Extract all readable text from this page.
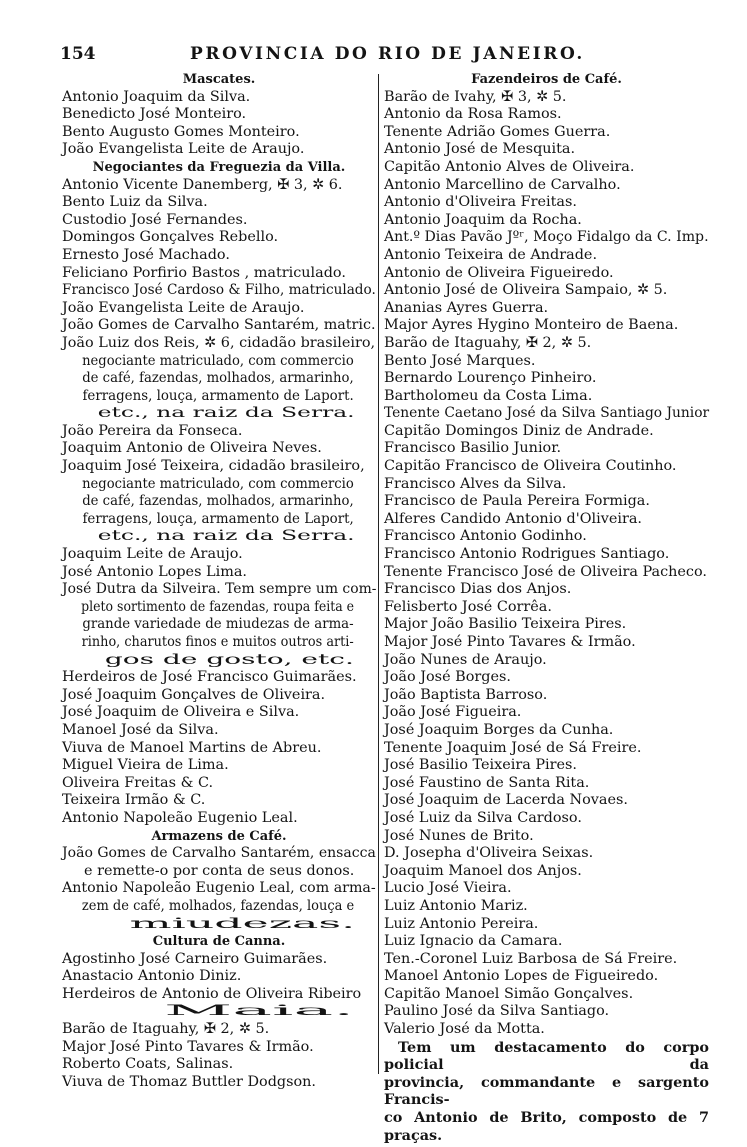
154	PROVINCIA DO RIO DE JANEIRO.
Mascates.
Antonio Joaquim da Silva.
Benedicto José Monteiro.
Bento Augusto Gomes Monteiro.
João Evangelista Leite de Araujo.
Negociantes da Freguezia da Villa.
Antonio Vicente Danemberg, ✠ 3, ✲ 6.
Bento Luiz da Silva.
Custodio José Fernandes.
Domingos Gonçalves Rebello.
Ernesto José Machado.
Feliciano Porfirio Bastos , matriculado.
Francisco José Cardoso & Filho, matriculado.
João Evangelista Leite de Araujo.
João Gomes de Carvalho Santarém, matric.
João Luiz dos Reis, ✲ 6, cidadão brasileiro,
negociante matriculado, com commercio de café, fazendas, molhados, armarinho, ferragens, louça, armamento de Laport. etc., na raiz da Serra.
João Pereira da Fonseca.
Joaquim Antonio de Oliveira Neves.
Joaquim José Teixeira, cidadão brasileiro,
negociante matriculado, com commercio de café, fazendas, molhados, armarinho, ferragens, louça, armamento de Laport, etc., na raiz da Serra.
Joaquim Leite de Araujo.
José Antonio Lopes Lima.
José Dutra da Silveira. Tem sempre um com- pleto sortimento de fazendas, roupa feita e grande variedade de miudezas de arma- rinho, charutos finos e muitos outros arti- gos de gosto, etc.
Herdeiros de José Francisco Guimarães.
José Joaquim Gonçalves de Oliveira.
José Joaquim de Oliveira e Silva.
Manoel José da Silva.
Viuva de Manoel Martins de Abreu.
Miguel Vieira de Lima.
Oliveira Freitas & C.
Teixeira Irmão & C.
Antonio Napoleão Eugenio Leal.
Armazens de Café.
João Gomes de Carvalho Santarém, ensacca e remette-o por conta de seus donos. Antonio Napoleão Eugenio Leal, com arma- zem de café, molhados, fazendas, louça e miudezas.
Cultura de Canna.
Agostinho José Carneiro Guimarães.
Anastacio Antonio Diniz.
Herdeiros de Antonio de Oliveira Ribeiro
Maia.
Barão de Itaguahy, ✠ 2, ✲ 5.
Major José Pinto Tavares & Irmão.
Roberto Coats, Salinas.
Viuva de Thomaz Buttler Dodgson.
Fazendeiros de Café.
Barão de Ivahy, ✠ 3, ✲ 5.
Antonio da Rosa Ramos.
Tenente Adrião Gomes Guerra.
Antonio José de Mesquita.
Capitão Antonio Alves de Oliveira.
Antonio Marcellino de Carvalho.
Antonio d'Oliveira Freitas.
Antonio Joaquim da Rocha.
Ant.º Dias Pavão Jºʳ, Moço Fidalgo da C. Imp.
Antonio Teixeira de Andrade.
Antonio de Oliveira Figueiredo.
Antonio José de Oliveira Sampaio, ✲ 5.
Ananias Ayres Guerra.
Major Ayres Hygino Monteiro de Baena.
Barão de Itaguahy, ✠ 2, ✲ 5.
Bento José Marques.
Bernardo Lourenço Pinheiro.
Bartholomeu da Costa Lima.
Tenente Caetano José da Silva Santiago Junior
Capitão Domingos Diniz de Andrade.
Francisco Basilio Junior.
Capitão Francisco de Oliveira Coutinho.
Francisco Alves da Silva.
Francisco de Paula Pereira Formiga.
Alferes Candido Antonio d'Oliveira.
Francisco Antonio Godinho.
Francisco Antonio Rodrigues Santiago.
Tenente Francisco José de Oliveira Pacheco.
Francisco Dias dos Anjos.
Felisberto José Corrêa.
Major João Basilio Teixeira Pires.
Major José Pinto Tavares & Irmão.
João Nunes de Araujo.
João José Borges.
João Baptista Barroso.
João José Figueira.
José Joaquim Borges da Cunha.
Tenente Joaquim José de Sá Freire.
José Basilio Teixeira Pires.
José Faustino de Santa Rita.
José Joaquim de Lacerda Novaes.
José Luiz da Silva Cardoso.
José Nunes de Brito.
D. Josepha d'Oliveira Seixas.
Joaquim Manoel dos Anjos.
Lucio José Vieira.
Luiz Antonio Mariz.
Luiz Antonio Pereira.
Luiz Ignacio da Camara.
Ten.-Coronel Luiz Barbosa de Sá Freire.
Manoel Antonio Lopes de Figueiredo.
Capitão Manoel Simão Gonçalves.
Paulino José da Silva Santiago.
Valerio José da Motta.
Tem um destacamento do corpo policial da
provincia, commandante e sargento Francis-
co Antonio de Brito, composto de 7 praças.
